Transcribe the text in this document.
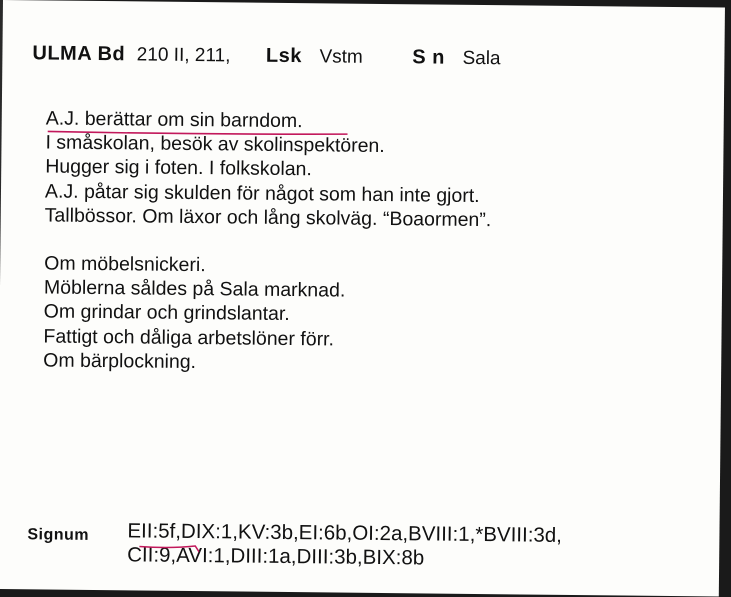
ULMA Bd 210 II, 211, Lsk Vstm S n Sala
A.J. berättar om sin barndom.
I småskolan, besök av skolinspektören.
Hugger sig i foten. I folkskolan.
A.J. påtar sig skulden för något som han inte gjort.
Tallbössor. Om läxor och lång skolväg. “Boaormen”.
Om möbelsnickeri.
Möblerna såldes på Sala marknad.
Om grindar och grindslantar.
Fattigt och dåliga arbetslöner förr.
Om bärplockning.
Signum EII:5f,DIX:1,KV:3b,EI:6b,OI:2a,BVIII:1,*BVIII:3d,
CII:9,AVI:1,DIII:1a,DIII:3b,BIX:8b
